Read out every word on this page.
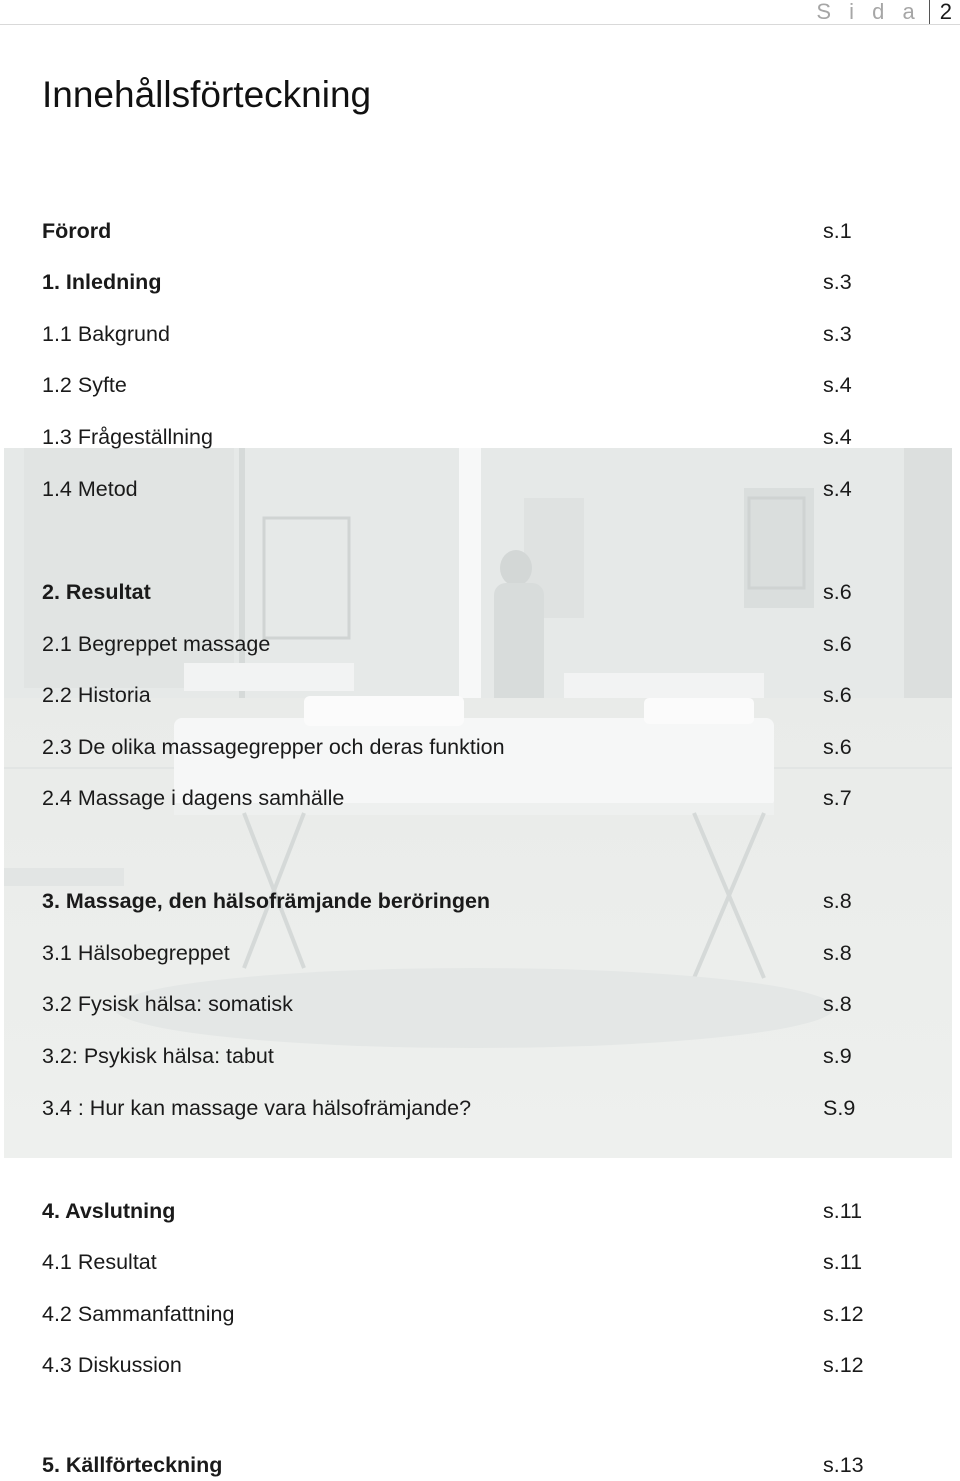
S i d a 2
Innehållsförteckning
Förord	s.1
1. Inledning	s.3
1.1 Bakgrund	s.3
1.2 Syfte	s.4
1.3 Frågeställning	s.4
1.4 Metod	s.4
2. Resultat	s.6
2.1 Begreppet massage	s.6
2.2 Historia	s.6
2.3 De olika massagegrepper och deras funktion	s.6
2.4 Massage i dagens samhälle	s.7
3. Massage, den hälsofrämjande beröringen	s.8
3.1 Hälsobegreppet	s.8
3.2 Fysisk hälsa: somatisk	s.8
3.2: Psykisk hälsa: tabut	s.9
3.4 : Hur kan massage vara hälsofrämjande?	S.9
4. Avslutning	s.11
4.1 Resultat	s.11
4.2 Sammanfattning	s.12
4.3 Diskussion	s.12
5. Källförteckning	s.13
